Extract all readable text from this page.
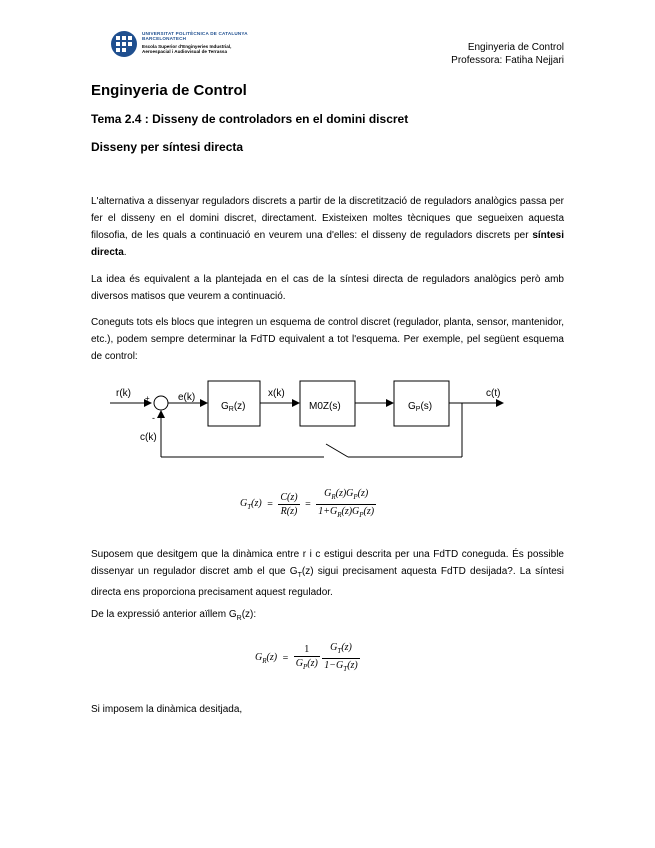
UNIVERSITAT POLITÈCNICA DE CATALUNYA
BARCELONATECH
Escola Superior d'Enginyeries Industrial,
Aeroespacial i Audiovisual de Terrassa	Enginyeria de Control
Professora: Fatiha Nejjari
Enginyeria de Control
Tema 2.4 : Disseny de controladors en el domini discret
Disseny per síntesi directa
L'alternativa a dissenyar reguladors discrets a partir de la discretització de reguladors analògics passa per fer el disseny en el domini discret, directament. Existeixen moltes tècniques que segueixen aquesta filosofia, de les quals a continuació en veurem una d'elles: el disseny de reguladors discrets per síntesi directa.
La idea és equivalent a la plantejada en el cas de la síntesi directa de reguladors analògics però amb diversos matisos que veurem a continuació.
Coneguts tots els blocs que integren un esquema de control discret (regulador, planta, sensor, mantenidor, etc.), podem sempre determinar la FdTD equivalent a tot l'esquema. Per exemple, pel següent esquema de control:
r(k) +
-
e(k)
$G_R(z)$
x(k)
M0Z(s)	$G_P(s)$
c(t)
c(k)
$G_T(z) = \frac{C(z)}{R(z)} = \frac{G_R(z)G_P(z)}{1+G_R(z)G_P(z)}$
Suposem que desitgem que la dinàmica entre r i c estigui descrita per una FdTD coneguda. És possible dissenyar un regulador discret amb el que $G_T(z)$ sigui precisament aquesta FdTD desijada?. La síntesi directa ens proporciona precisament aquest regulador.
De la expressió anterior aïllem $G_R(z)$:
$G_R(z) = \frac{1}{G_P(z)}$
$\frac{G_T(z)}{1-G_T(z)}$
Si imposem la dinàmica desitjada,
